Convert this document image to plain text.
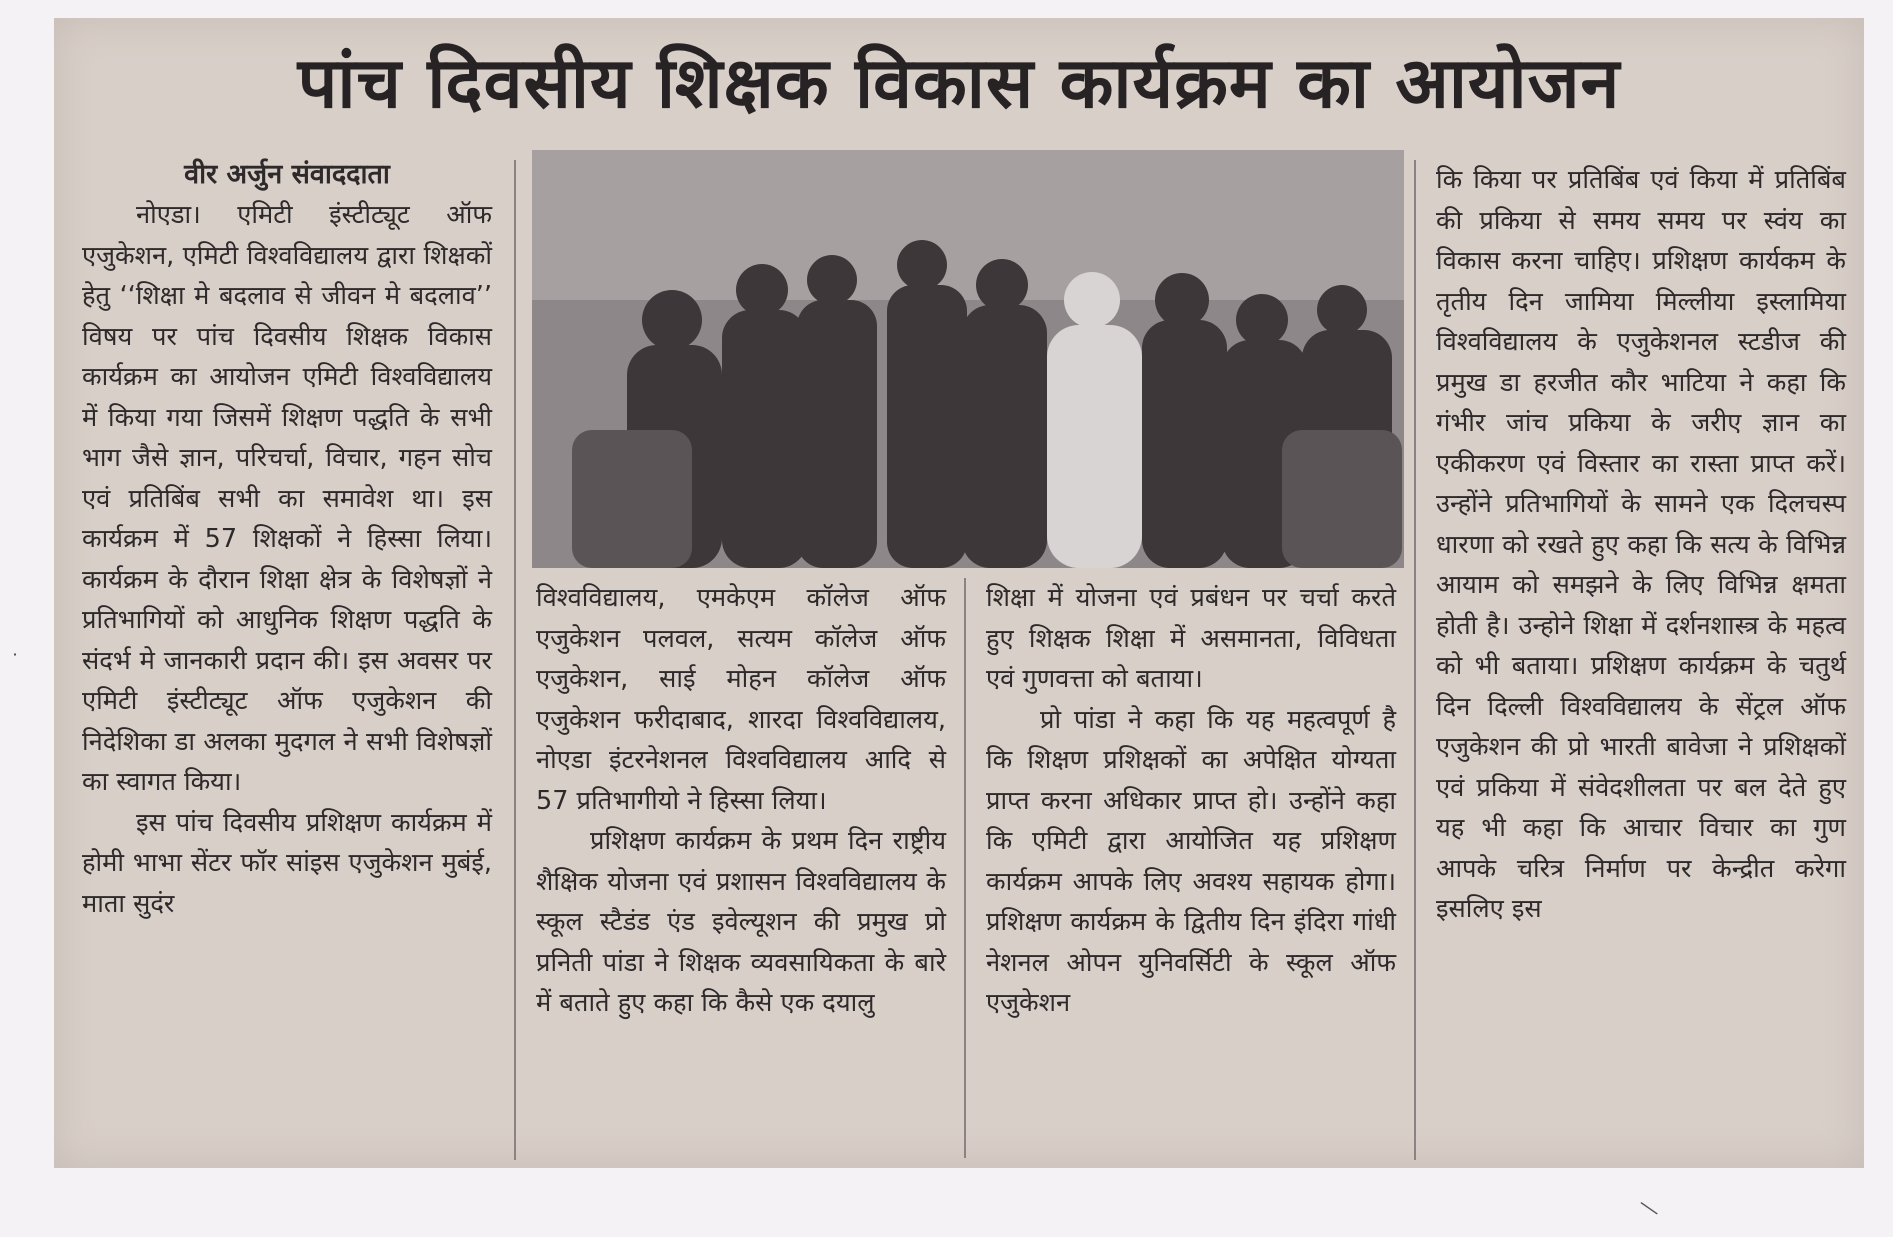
पांच दिवसीय शिक्षक विकास कार्यक्रम का आयोजन

वीर अर्जुन संवाददाता

नोएडा। एमिटी इंस्टीट्यूट ऑफ एजुकेशन, एमिटी विश्वविद्यालय द्वारा शिक्षकों हेतु ‘‘शिक्षा मे बदलाव से जीवन मे बदलाव’’ विषय पर पांच दिवसीय शिक्षक विकास कार्यक्रम का आयोजन एमिटी विश्वविद्यालय में किया गया जिसमें शिक्षण पद्धति के सभी भाग जैसे ज्ञान, परिचर्चा, विचार, गहन सोच एवं प्रतिबिंब सभी का समावेश था। इस कार्यक्रम में 57 शिक्षकों ने हिस्सा लिया। कार्यक्रम के दौरान शिक्षा क्षेत्र के विशेषज्ञों ने प्रतिभागियों को आधुनिक शिक्षण पद्धति के संदर्भ मे जानकारी प्रदान की। इस अवसर पर एमिटी इंस्टीट्यूट ऑफ एजुकेशन की निदेशिका डा अलका मुदगल ने सभी विशेषज्ञों का स्वागत किया।

इस पांच दिवसीय प्रशिक्षण कार्यक्रम में होमी भाभा सेंटर फॉर सांइस एजुकेशन मुबंई, माता सुदंर

विश्वविद्यालय, एमकेएम कॉलेज ऑफ एजुकेशन पलवल, सत्यम कॉलेज ऑफ एजुकेशन, साई मोहन कॉलेज ऑफ एजुकेशन फरीदाबाद, शारदा विश्वविद्यालय, नोएडा इंटरनेशनल विश्वविद्यालय आदि से 57 प्रतिभागीयो ने हिस्सा लिया।

प्रशिक्षण कार्यक्रम के प्रथम दिन राष्ट्रीय शैक्षिक योजना एवं प्रशासन विश्वविद्यालय के स्कूल स्टैडंड एंड इवेल्यूशन की प्रमुख प्रो प्रनिती पांडा ने शिक्षक व्यवसायिकता के बारे में बताते हुए कहा कि कैसे एक दयालु

शिक्षा में योजना एवं प्रबंधन पर चर्चा करते हुए शिक्षक शिक्षा में असमानता, विविधता एवं गुणवत्ता को बताया।

प्रो पांडा ने कहा कि यह महत्वपूर्ण है कि शिक्षण प्रशिक्षकों का अपेक्षित योग्यता प्राप्त करना अधिकार प्राप्त हो। उन्होंने कहा कि एमिटी द्वारा आयोजित यह प्रशिक्षण कार्यक्रम आपके लिए अवश्य सहायक होगा। प्रशिक्षण कार्यक्रम के द्वितीय दिन इंदिरा गांधी नेशनल ओपन युनिवर्सिटी के स्कूल ऑफ एजुकेशन

कि किया पर प्रतिबिंब एवं किया में प्रतिबिंब की प्रकिया से समय समय पर स्वंय का विकास करना चाहिए। प्रशिक्षण कार्यकम के तृतीय दिन जामिया मिल्लीया इस्लामिया विश्वविद्यालय के एजुकेशनल स्टडीज की प्रमुख डा हरजीत कौर भाटिया ने कहा कि गंभीर जांच प्रकिया के जरीए ज्ञान का एकीकरण एवं विस्तार का रास्ता प्राप्त करें। उन्होंने प्रतिभागियों के सामने एक दिलचस्प धारणा को रखते हुए कहा कि सत्य के विभिन्न आयाम को समझने के लिए विभिन्न क्षमता होती है। उन्होने शिक्षा में दर्शनशास्त्र के महत्व को भी बताया। प्रशिक्षण कार्यक्रम के चतुर्थ दिन दिल्ली विश्वविद्यालय के सेंट्रल ऑफ एजुकेशन की प्रो भारती बावेजा ने प्रशिक्षकों एवं प्रकिया में संवेदशीलता पर बल देते हुए यह भी कहा कि आचार विचार का गुण आपके चरित्र निर्माण पर केन्द्रीत करेगा इसलिए इस

˙
―
